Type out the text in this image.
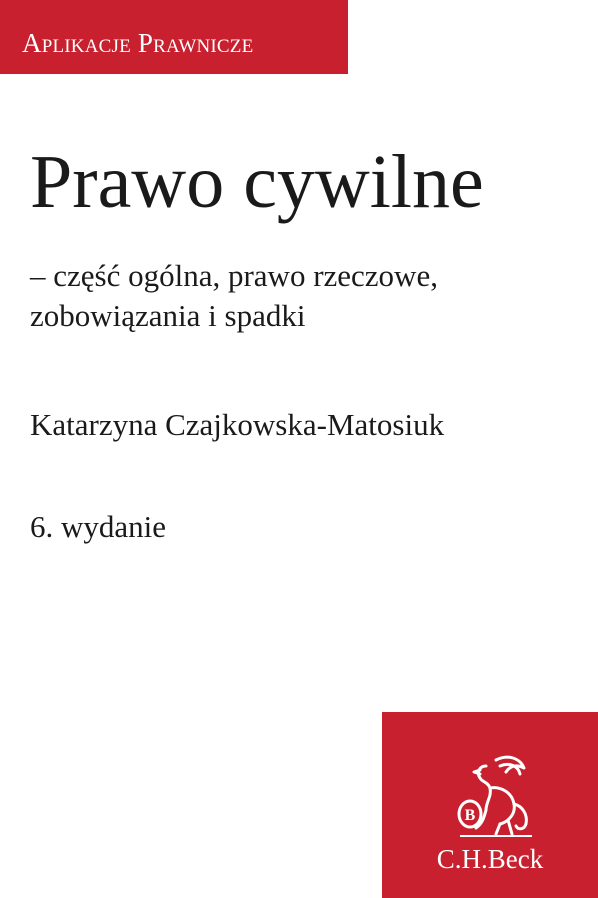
Aplikacje Prawnicze
Prawo cywilne
– część ogólna, prawo rzeczowe,
zobowiązania i spadki
Katarzyna Czajkowska-Matosiuk
6. wydanie
B
C.H.Beck
